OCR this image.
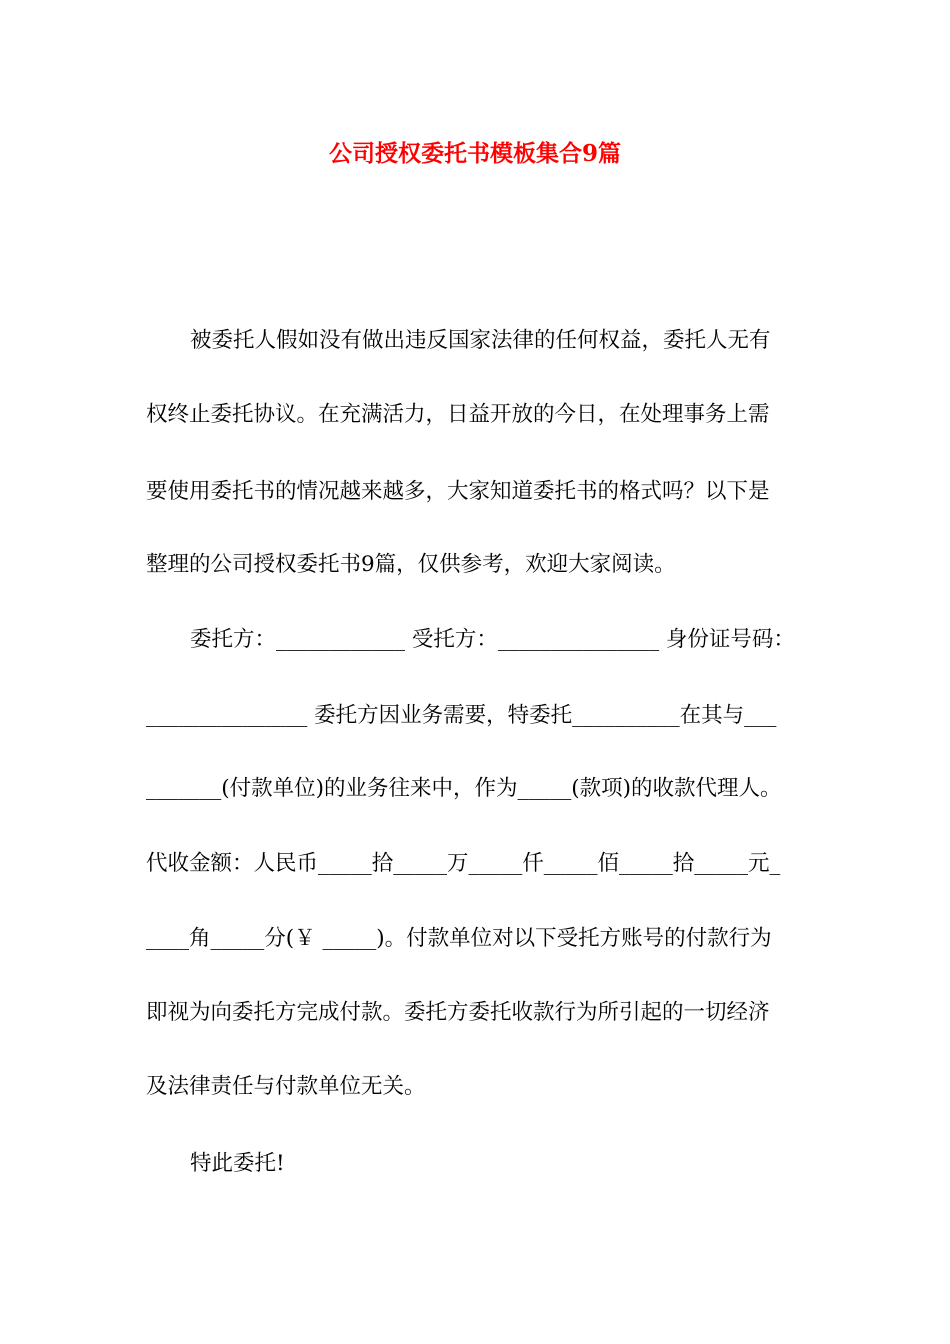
公司授权委托书模板集合9篇
被委托人假如没有做出违反国家法律的任何权益，委托人无有
权终止委托协议。在充满活力，日益开放的今日，在处理事务上需
要使用委托书的情况越来越多，大家知道委托书的格式吗？以下是
整理的公司授权委托书9篇，仅供参考，欢迎大家阅读。
委托方：____________ 受托方：_______________ 身份证号码：
_______________ 委托方因业务需要，特委托__________在其与___
_______(付款单位)的业务往来中，作为_____(款项)的收款代理人。
代收金额：人民币_____拾_____万_____仟_____佰_____拾_____元_
____角_____分(￥ _____)。付款单位对以下受托方账号的付款行为
即视为向委托方完成付款。委托方委托收款行为所引起的一切经济
及法律责任与付款单位无关。
特此委托!
